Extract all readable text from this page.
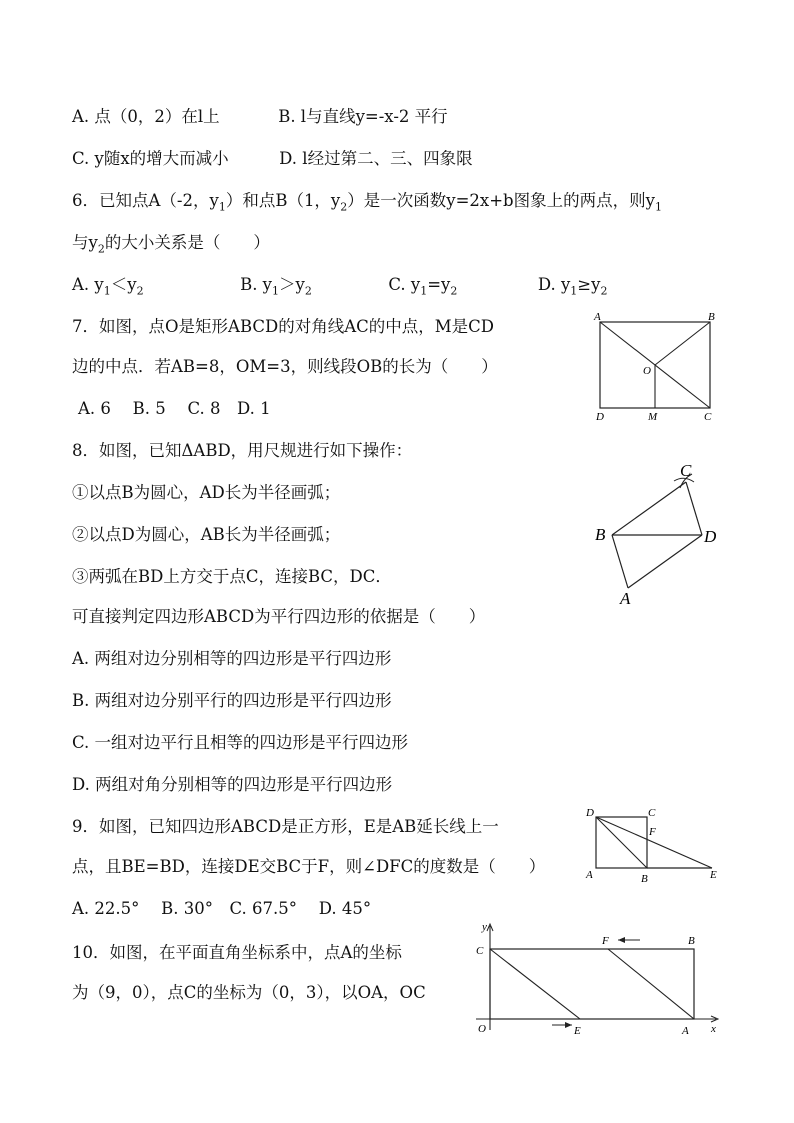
A. 点（0，2）在l上	B. l与直线y=-x-2 平行
C. y随x的增大而减小	D. l经过第二、三、四象限
6．已知点A（-2，$y_1$）和点B（1，$y_2$）是一次函数y=2x+b图象上的两点，则$y_1$
与$y_2$的大小关系是（　　）
A. $y_1<y_2$	B. $y_1>y_2$	C. $y_1=y_2$	D. $y_1\ge y_2$
7．如图，点O是矩形ABCD的对角线AC的中点，M是CD
边的中点．若AB=8，OM=3，则线段OB的长为（　　）
A. 6　 B. 5　 C. 8　D. 1
A	B
C
D
O
M
8．如图，已知ΔABD，用尺规进行如下操作：
①以点B为圆心，AD长为半径画弧；
②以点D为圆心，AB长为半径画弧；
③两弧在BD上方交于点C，连接BC，DC．
可直接判定四边形ABCD为平行四边形的依据是（　　）
A. 两组对边分别相等的四边形是平行四边形
B. 两组对边分别平行的四边形是平行四边形
C. 一组对边平行且相等的四边形是平行四边形
D. 两组对角分别相等的四边形是平行四边形
C
B	D
A
9．如图，已知四边形ABCD是正方形，E是AB延长线上一
点，且BE=BD，连接DE交BC于F，则∠DFC的度数是（　　）
A. 22.5°　 B. 30°　C. 67.5°　 D. 45°
D	C
F
A	B	E
10．如图，在平面直角坐标系中，点A的坐标
为（9，0），点C的坐标为（0，3），以OA，OC
y
x
C
F	B
O	E	A
